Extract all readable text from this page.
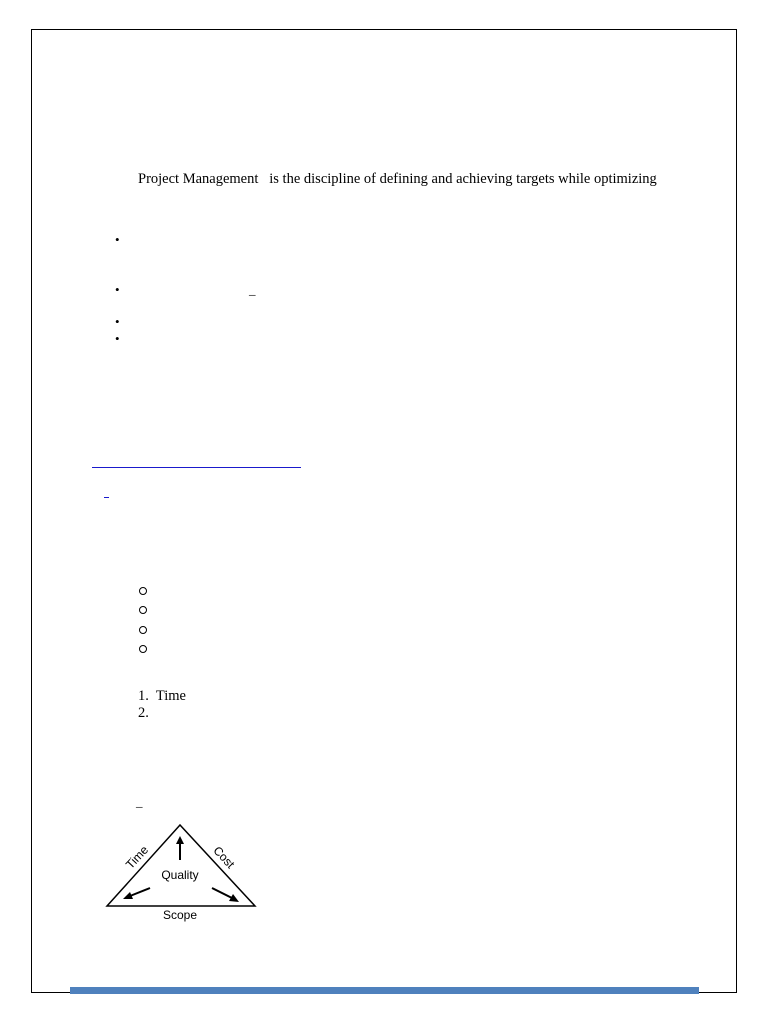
Project Management is the discipline of defining and achieving targets while optimizing
•
•	_
•
•
1. Time
2.
_
Quality
Scope
Time	Cost
